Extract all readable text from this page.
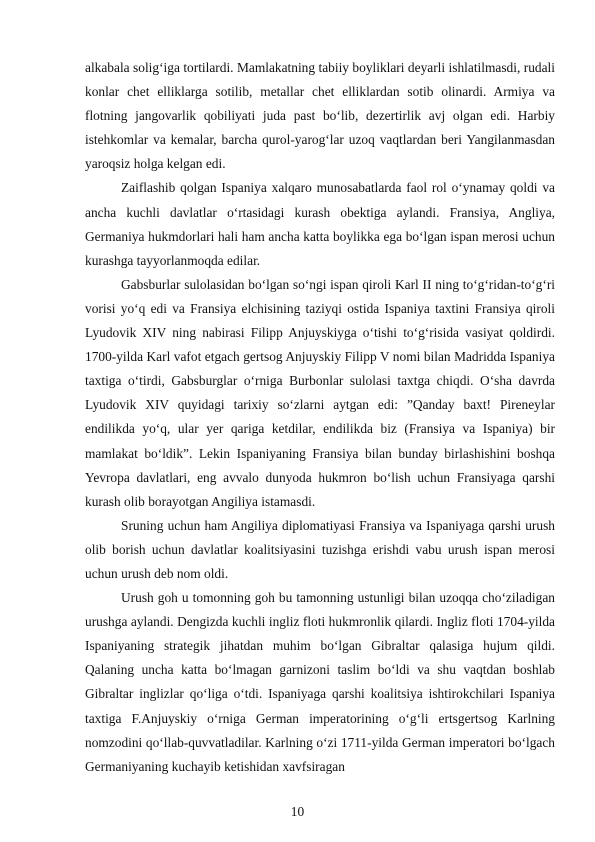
alkabala solig‘iga tortilardi. Mamlakatning tabiiy boyliklari deyarli ishlatilmasdi, rudali konlar chet elliklarga sotilib, metallar chet elliklardan sotib olinardi. Armiya va flotning jangovarlik qobiliyati juda past bo‘lib, dezertirlik avj olgan edi. Harbiy istehkomlar va kemalar, barcha qurol-yarog‘lar uzoq vaqtlardan beri Yangilanmasdan yaroqsiz holga kelgan edi.

Zaiflashib qolgan Ispaniya xalqaro munosabatlarda faol rol o‘ynamay qoldi va ancha kuchli davlatlar o‘rtasidagi kurash obektiga aylandi. Fransiya, Angliya, Germaniya hukmdorlari hali ham ancha katta boylikka ega bo‘lgan ispan merosi uchun kurashga tayyorlanmoqda edilar.

Gabsburlar sulolasidan bo‘lgan so‘ngi ispan qiroli Karl II ning to‘g‘ridan-to‘g‘ri vorisi yo‘q edi va Fransiya elchisining taziyqi ostida Ispaniya taxtini Fransiya qiroli Lyudovik XIV ning nabirasi Filipp Anjuyskiyga o‘tishi to‘g‘risida vasiyat qoldirdi. 1700-yilda Karl vafot etgach gertsog Anjuyskiy Filipp V nomi bilan Madridda Ispaniya taxtiga o‘tirdi, Gabsburglar o‘rniga Burbonlar sulolasi taxtga chiqdi. O‘sha davrda Lyudovik XIV quyidagi tarixiy so‘zlarni aytgan edi: ”Qanday baxt! Pireneylar endilikda yo‘q, ular yer qariga ketdilar, endilikda biz (Fransiya va Ispaniya) bir mamlakat bo‘ldik”. Lekin Ispaniyaning Fransiya bilan bunday birlashishini boshqa Yevropa davlatlari, eng avvalo dunyoda hukmron bo‘lish uchun Fransiyaga qarshi kurash olib borayotgan Angiliya istamasdi.

Sruning uchun ham Angiliya diplomatiyasi Fransiya va Ispaniyaga qarshi urush olib borish uchun davlatlar koalitsiyasini tuzishga erishdi vabu urush ispan merosi uchun urush deb nom oldi.

Urush goh u tomonning goh bu tamonning ustunligi bilan uzoqqa cho‘ziladigan urushga aylandi. Dengizda kuchli ingliz floti hukmronlik qilardi. Ingliz floti 1704-yilda Ispaniyaning strategik jihatdan muhim bo‘lgan Gibraltar qalasiga hujum qildi. Qalaning uncha katta bo‘lmagan garnizoni taslim bo‘ldi va shu vaqtdan boshlab Gibraltar inglizlar qo‘liga o‘tdi. Ispaniyaga qarshi koalitsiya ishtirokchilari Ispaniya taxtiga F.Anjuyskiy o‘rniga German imperatorining o‘g‘li ertsgertsog Karlning nomzodini qo‘llab-quvvatladilar. Karlning o‘zi 1711-yilda German imperatori bo‘lgach Germaniyaning kuchayib ketishidan xavfsiragan

10
